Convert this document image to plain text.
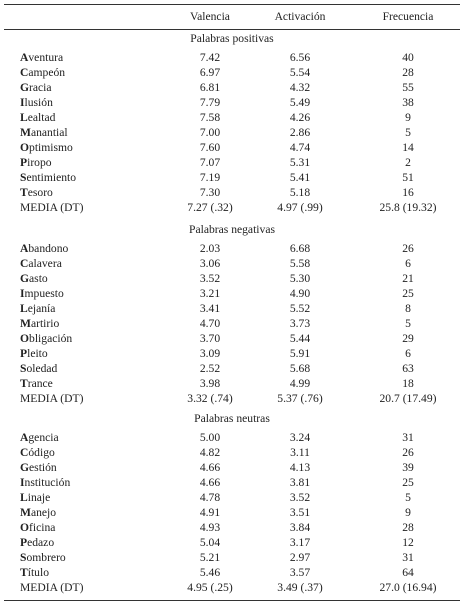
Valencia	Activación	Frecuencia
Palabras positivas
Aventura	7.42	6.56	40
Campeón	6.97	5.54	28
Gracia	6.81	4.32	55
Ilusión	7.79	5.49	38
Lealtad	7.58	4.26	9
Manantial	7.00	2.86	5
Optimismo	7.60	4.74	14
Piropo	7.07	5.31	2
Sentimiento	7.19	5.41	51
Tesoro	7.30	5.18	16
MEDIA (DT)	7.27 (.32)	4.97 (.99)	25.8 (19.32)
Palabras negativas
Abandono	2.03	6.68	26
Calavera	3.06	5.58	6
Gasto	3.52	5.30	21
Impuesto	3.21	4.90	25
Lejanía	3.41	5.52	8
Martirio	4.70	3.73	5
Obligación	3.70	5.44	29
Pleito	3.09	5.91	6
Soledad	2.52	5.68	63
Trance	3.98	4.99	18
MEDIA (DT)	3.32 (.74)	5.37 (.76)	20.7 (17.49)
Palabras neutras
Agencia	5.00	3.24	31
Código	4.82	3.11	26
Gestión	4.66	4.13	39
Institución	4.66	3.81	25
Linaje	4.78	3.52	5
Manejo	4.91	3.51	9
Oficina	4.93	3.84	28
Pedazo	5.04	3.17	12
Sombrero	5.21	2.97	31
Título	5.46	3.57	64
MEDIA (DT)	4.95 (.25)	3.49 (.37)	27.0 (16.94)
